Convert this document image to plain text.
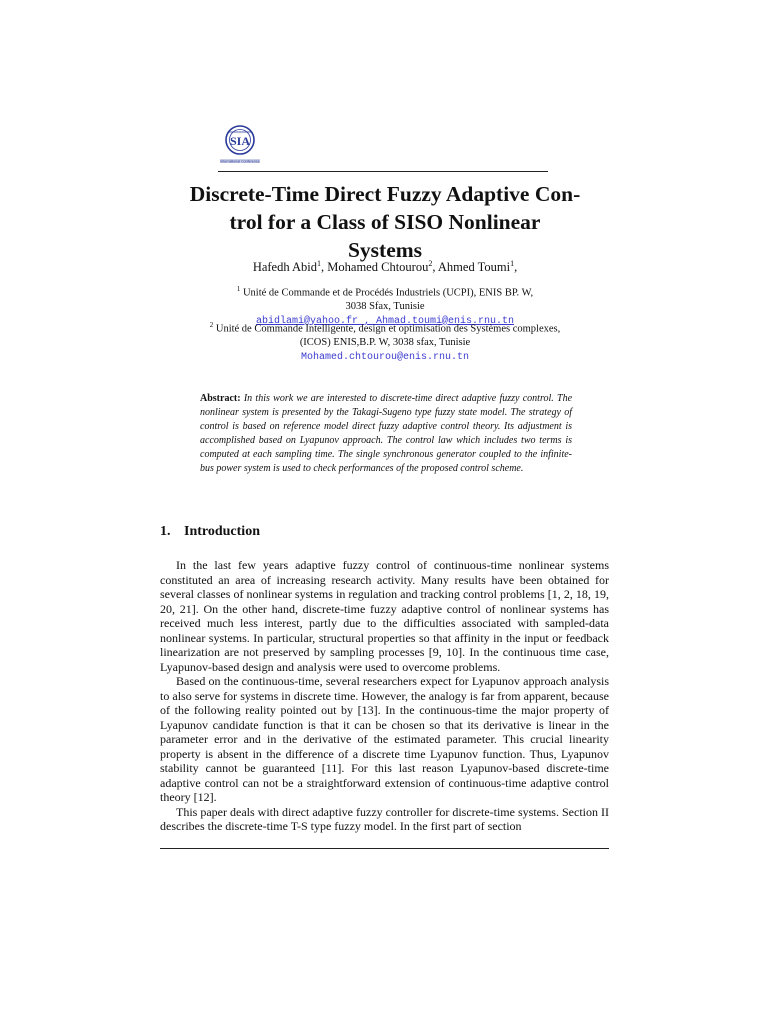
SIA
International Conference
Discrete-Time Direct Fuzzy Adaptive Con-
trol for a Class of SISO Nonlinear
Systems
Hafedh Abid$^1$, Mohamed Chtourou$^2$, Ahmed Toumi$^1$,
$^1$ Unité de Commande et de Procédés Industriels (UCPI), ENIS BP. W,
3038 Sfax, Tunisie
abidlami@yahoo.fr , Ahmad.toumi@enis.rnu.tn
$^2$ Unité de Commande Intelligente, design et optimisation des Systèmes complexes,
(ICOS) ENIS,B.P. W, 3038 sfax, Tunisie
Mohamed.chtourou@enis.rnu.tn

Abstract: In this work we are interested to discrete-time direct adaptive fuzzy control. The nonlinear system is presented by the Takagi-Sugeno type fuzzy state model. The strategy of control is based on reference model direct fuzzy adaptive control theory. Its adjustment is accomplished based on Lyapunov approach. The control law which includes two terms is computed at each sampling time. The single synchronous generator coupled to the infinite-bus power system is used to check performances of the proposed control scheme.

1. Introduction

In the last few years adaptive fuzzy control of continuous-time nonlinear systems constituted an area of increasing research activity. Many results have been obtained for several classes of nonlinear systems in regulation and tracking control problems [1, 2, 18, 19, 20, 21]. On the other hand, discrete-time fuzzy adaptive control of nonlinear systems has received much less interest, partly due to the difficulties associated with sampled-data nonlinear systems. In particular, structural properties so that affinity in the input or feedback linearization are not preserved by sampling processes [9, 10]. In the continuous time case, Lyapunov-based design and analysis were used to overcome problems.

Based on the continuous-time, several researchers expect for Lyapunov approach analysis to also serve for systems in discrete time. However, the analogy is far from apparent, because of the following reality pointed out by [13]. In the continuous-time the major property of Lyapunov candidate function is that it can be chosen so that its derivative is linear in the parameter error and in the derivative of the estimated parameter. This crucial linearity property is absent in the difference of a discrete time Lyapunov function. Thus, Lyapunov stability cannot be guaranteed [11]. For this last reason Lyapunov-based discrete-time adaptive control can not be a straightforward extension of continuous-time adaptive control theory [12].

This paper deals with direct adaptive fuzzy controller for discrete-time systems. Section II describes the discrete-time T-S type fuzzy model. In the first part of section
